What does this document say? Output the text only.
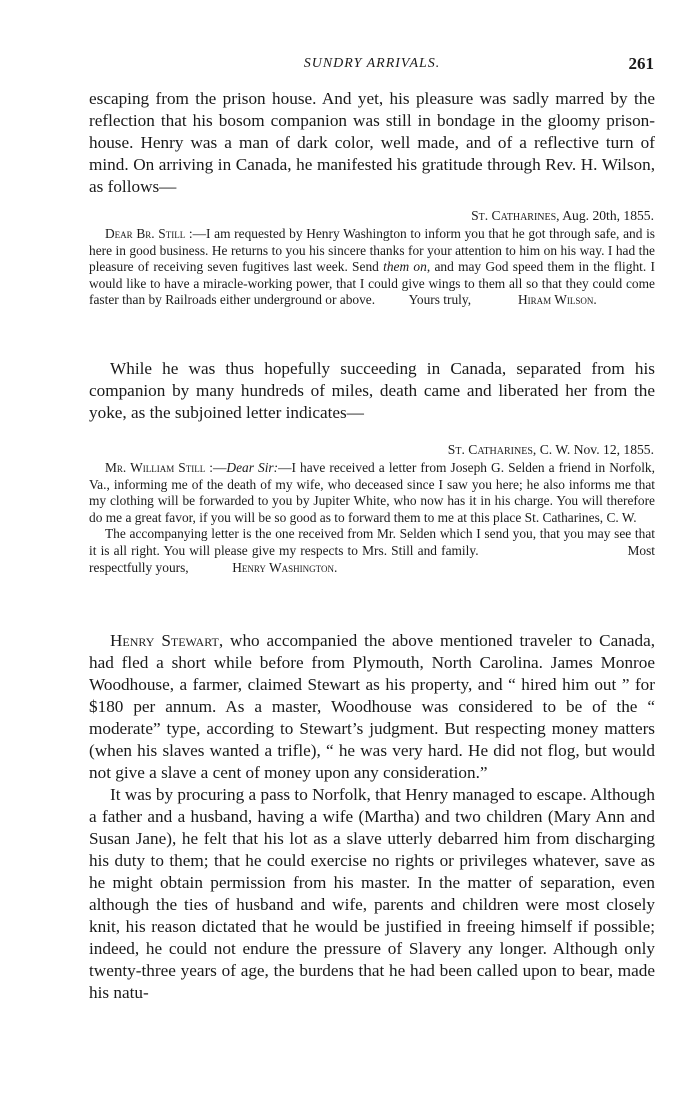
SUNDRY ARRIVALS.	261

escaping from the prison house. And yet, his pleasure was sadly marred by the reflection that his bosom companion was still in bondage in the gloomy prison-house. Henry was a man of dark color, well made, and of a reflective turn of mind. On arriving in Canada, he manifested his gratitude through Rev. H. Wilson, as follows—

St. Catharines, Aug. 20th, 1855.

Dear Br. Still :—I am requested by Henry Washington to inform you that he got through safe, and is here in good business. He returns to you his sincere thanks for your attention to him on his way. I had the pleasure of receiving seven fugitives last week. Send them on, and may God speed them in the flight. I would like to have a miracle-working power, that I could give wings to them all so that they could come faster than by Railroads either underground or above. Yours truly,	Hiram Wilson.

While he was thus hopefully succeeding in Canada, separated from his companion by many hundreds of miles, death came and liberated her from the yoke, as the subjoined letter indicates—

St. Catharines, C. W. Nov. 12, 1855.

Mr. William Still :—Dear Sir:—I have received a letter from Joseph G. Selden a friend in Norfolk, Va., informing me of the death of my wife, who deceased since I saw you here; he also informs me that my clothing will be forwarded to you by Jupiter White, who now has it in his charge. You will therefore do me a great favor, if you will be so good as to forward them to me at this place St. Catharines, C. W.

The accompanying letter is the one received from Mr. Selden which I send you, that you may see that it is all right. You will please give my respects to Mrs. Still and family.	Most respectfully yours,	Henry Washington.

Henry Stewart, who accompanied the above mentioned traveler to Canada, had fled a short while before from Plymouth, North Carolina. James Monroe Woodhouse, a farmer, claimed Stewart as his property, and “ hired him out ” for $180 per annum. As a master, Woodhouse was considered to be of the “ moderate” type, according to Stewart’s judgment. But respecting money matters (when his slaves wanted a trifle), “ he was very hard. He did not flog, but would not give a slave a cent of money upon any consideration.”

It was by procuring a pass to Norfolk, that Henry managed to escape. Although a father and a husband, having a wife (Martha) and two children (Mary Ann and Susan Jane), he felt that his lot as a slave utterly debarred him from discharging his duty to them; that he could exercise no rights or privileges whatever, save as he might obtain permission from his master. In the matter of separation, even although the ties of husband and wife, parents and children were most closely knit, his reason dictated that he would be justified in freeing himself if possible; indeed, he could not endure the pressure of Slavery any longer. Although only twenty-three years of age, the burdens that he had been called upon to bear, made his natu-
